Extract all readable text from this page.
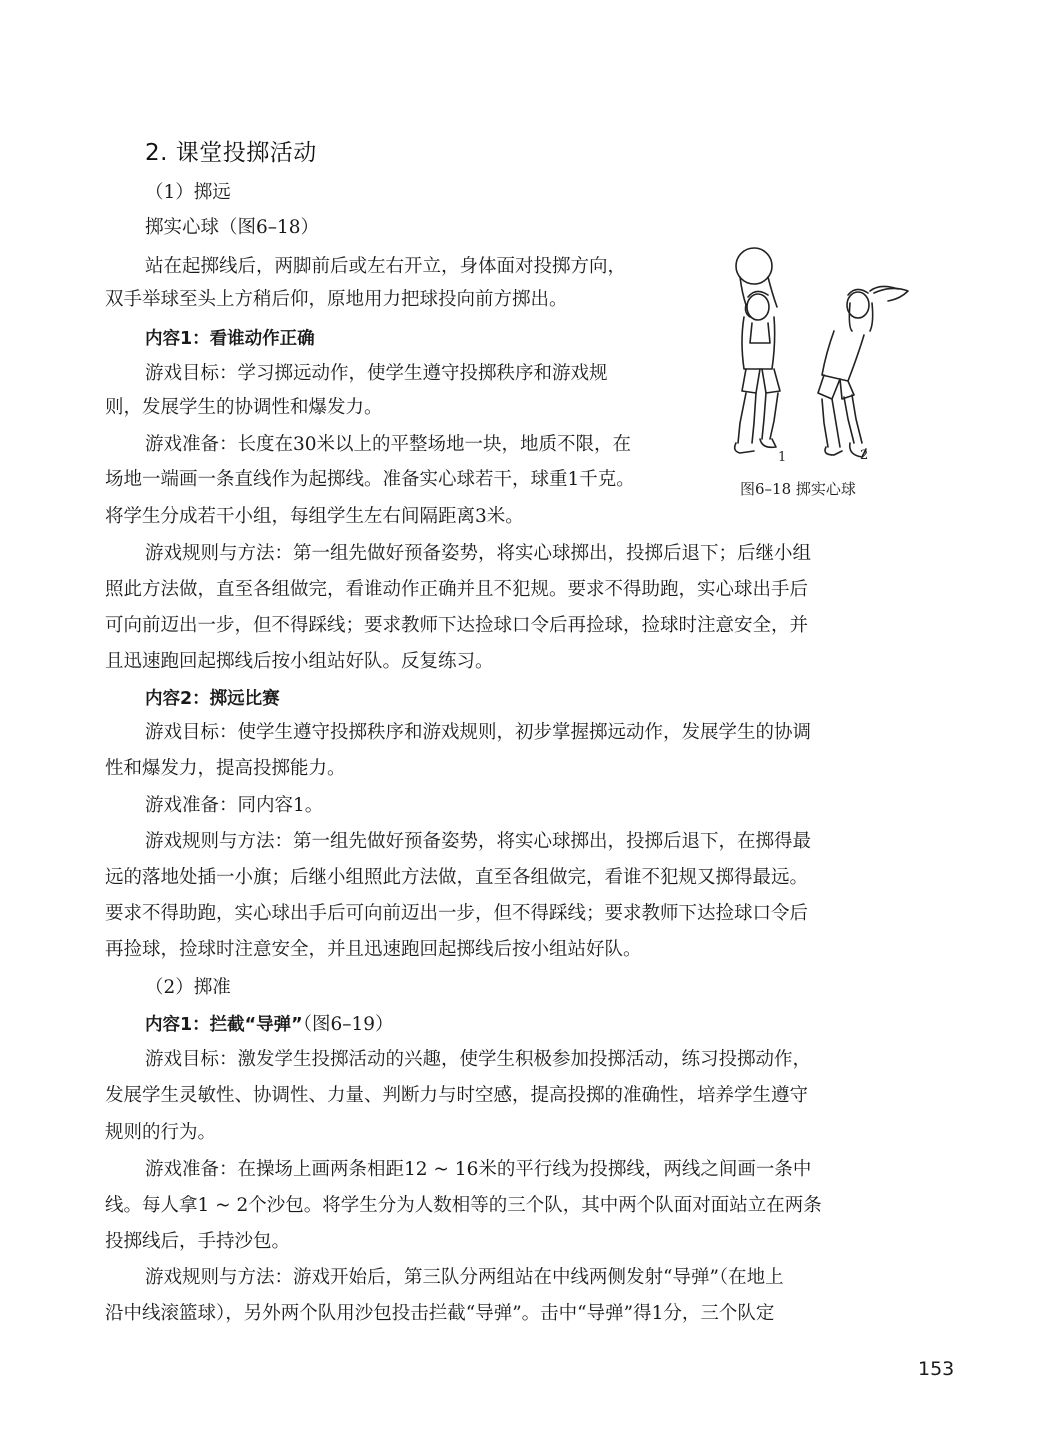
2. 课堂投掷活动
（1）掷远
掷实心球（图6–18）
站在起掷线后，两脚前后或左右开立，身体面对投掷方向，
双手举球至头上方稍后仰，原地用力把球投向前方掷出。
内容1：看谁动作正确
游戏目标：学习掷远动作，使学生遵守投掷秩序和游戏规
则，发展学生的协调性和爆发力。
游戏准备：长度在30米以上的平整场地一块，地质不限，在
场地一端画一条直线作为起掷线。准备实心球若干，球重1千克。
将学生分成若干小组，每组学生左右间隔距离3米。
游戏规则与方法：第一组先做好预备姿势，将实心球掷出，投掷后退下；后继小组
照此方法做，直至各组做完，看谁动作正确并且不犯规。要求不得助跑，实心球出手后
可向前迈出一步，但不得踩线；要求教师下达捡球口令后再捡球，捡球时注意安全，并
且迅速跑回起掷线后按小组站好队。反复练习。
内容2：掷远比赛
游戏目标：使学生遵守投掷秩序和游戏规则，初步掌握掷远动作，发展学生的协调
性和爆发力，提高投掷能力。
游戏准备：同内容1。
游戏规则与方法：第一组先做好预备姿势，将实心球掷出，投掷后退下，在掷得最
远的落地处插一小旗；后继小组照此方法做，直至各组做完，看谁不犯规又掷得最远。
要求不得助跑，实心球出手后可向前迈出一步，但不得踩线；要求教师下达捡球口令后
再捡球，捡球时注意安全，并且迅速跑回起掷线后按小组站好队。
（2）掷准
内容1：拦截“导弹”（图6–19）
游戏目标：激发学生投掷活动的兴趣，使学生积极参加投掷活动，练习投掷动作，
发展学生灵敏性、协调性、力量、判断力与时空感，提高投掷的准确性，培养学生遵守
规则的行为。
游戏准备：在操场上画两条相距12 ~ 16米的平行线为投掷线，两线之间画一条中
线。每人拿1 ~ 2个沙包。将学生分为人数相等的三个队，其中两个队面对面站立在两条
投掷线后，手持沙包。
游戏规则与方法：游戏开始后，第三队分两组站在中线两侧发射“导弹”（在地上
沿中线滚篮球），另外两个队用沙包投击拦截“导弹”。击中“导弹”得1分，三个队定
1	2
图6–18 掷实心球
153
